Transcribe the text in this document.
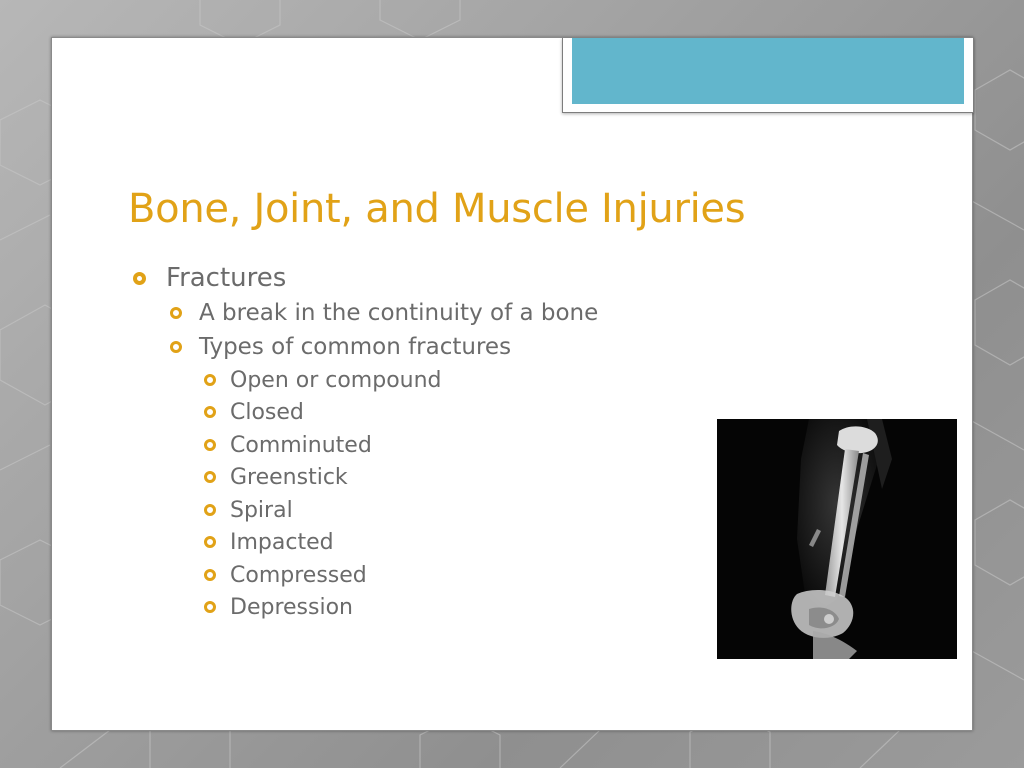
Bone, Joint, and Muscle Injuries
Fractures
A break in the continuity of a bone
Types of common fractures
Open or compound
Closed
Comminuted
Greenstick
Spiral
Impacted
Compressed
Depression
